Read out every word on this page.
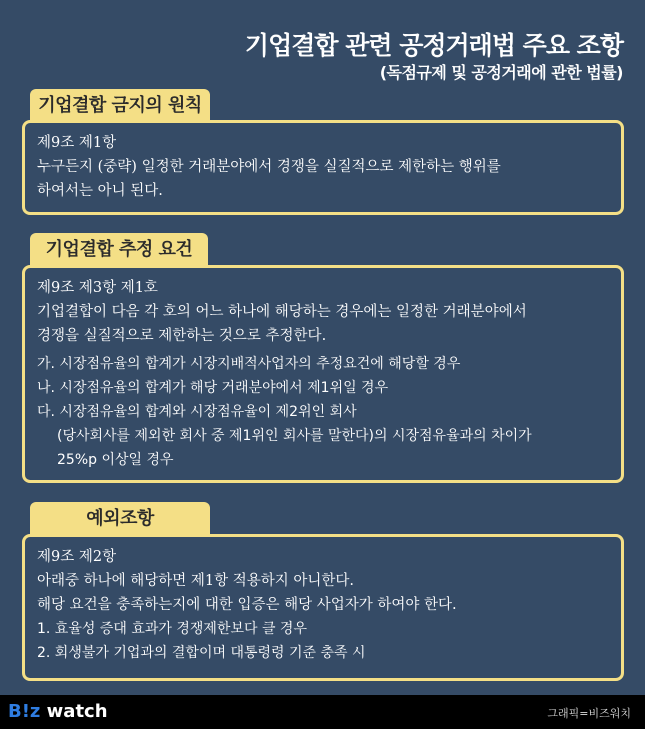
기업결합 관련 공정거래법 주요 조항
(독점규제 및 공정거래에 관한 법률)
기업결합 금지의 원칙
제9조 제1항
누구든지 (중략) 일정한 거래분야에서 경쟁을 실질적으로 제한하는 행위를
하여서는 아니 된다.
기업결합 추정 요건
제9조 제3항 제1호
기업결합이 다음 각 호의 어느 하나에 해당하는 경우에는 일정한 거래분야에서
경쟁을 실질적으로 제한하는 것으로 추정한다.
가. 시장점유율의 합계가 시장지배적사업자의 추정요건에 해당할 경우
나. 시장점유율의 합계가 해당 거래분야에서 제1위일 경우
다. 시장점유율의 합계와 시장점유율이 제2위인 회사
(당사회사를 제외한 회사 중 제1위인 회사를 말한다)의 시장점유율과의 차이가
25%p 이상일 경우
예외조항
제9조 제2항
아래중 하나에 해당하면 제1항 적용하지 아니한다.
해당 요건을 충족하는지에 대한 입증은 해당 사업자가 하여야 한다.
1. 효율성 증대 효과가 경쟁제한보다 클 경우
2. 회생불가 기업과의 결합이며 대통령령 기준 충족 시
B!z watch	그래픽=비즈워치
